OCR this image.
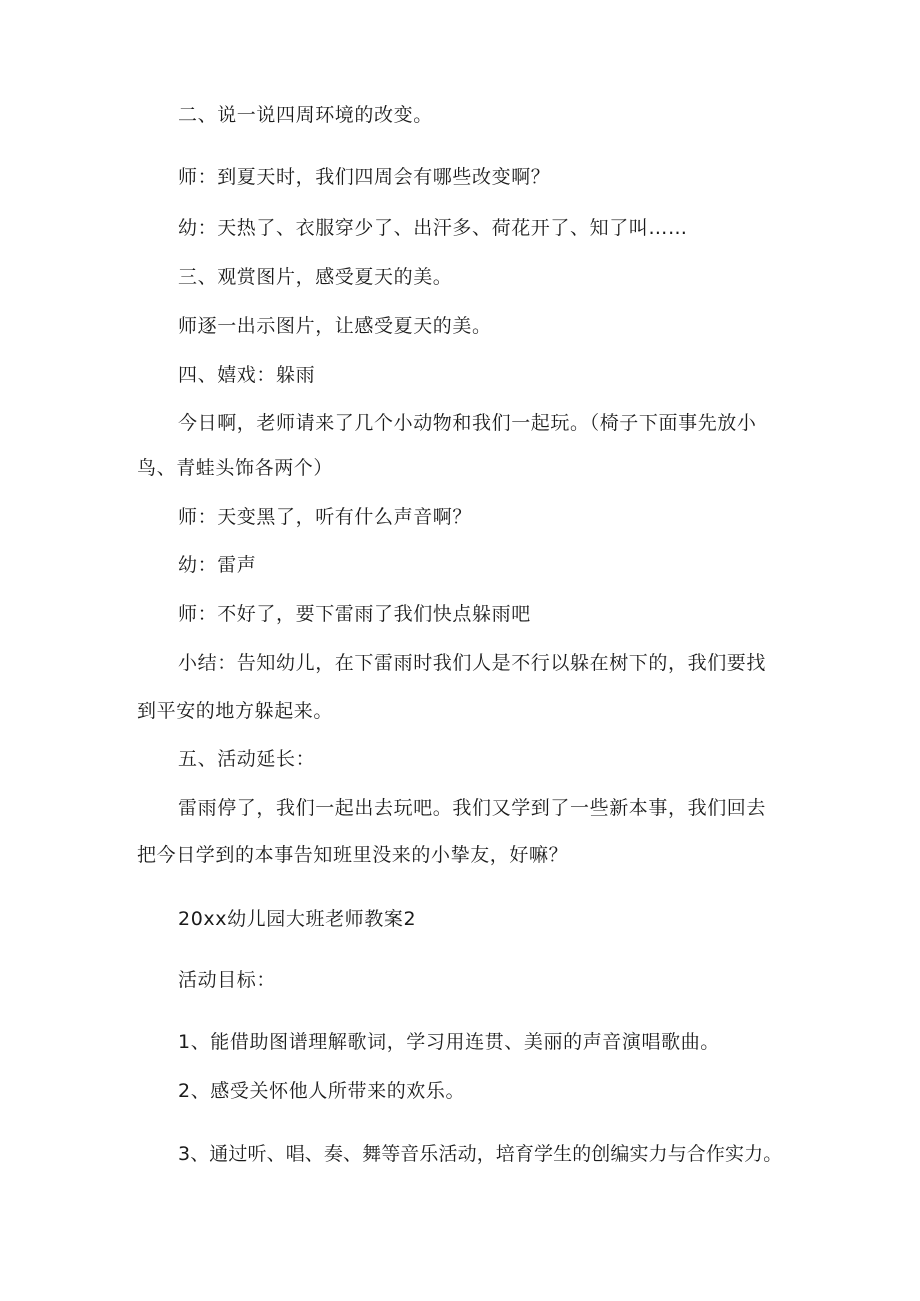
二、说一说四周环境的改变。

师：到夏天时，我们四周会有哪些改变啊？

幼：天热了、衣服穿少了、出汗多、荷花开了、知了叫……

三、观赏图片，感受夏天的美。

师逐一出示图片，让感受夏天的美。

四、嬉戏：躲雨

今日啊，老师请来了几个小动物和我们一起玩。（椅子下面事先放小

鸟、青蛙头饰各两个）

师：天变黑了，听有什么声音啊？

幼：雷声

师：不好了，要下雷雨了我们快点躲雨吧

小结：告知幼儿，在下雷雨时我们人是不行以躲在树下的，我们要找

到平安的地方躲起来。

五、活动延长：

雷雨停了，我们一起出去玩吧。我们又学到了一些新本事，我们回去

把今日学到的本事告知班里没来的小挚友，好嘛？

20xx幼儿园大班老师教案2

活动目标：

1、能借助图谱理解歌词，学习用连贯、美丽的声音演唱歌曲。

2、感受关怀他人所带来的欢乐。

3、通过听、唱、奏、舞等音乐活动，培育学生的创编实力与合作实力。
